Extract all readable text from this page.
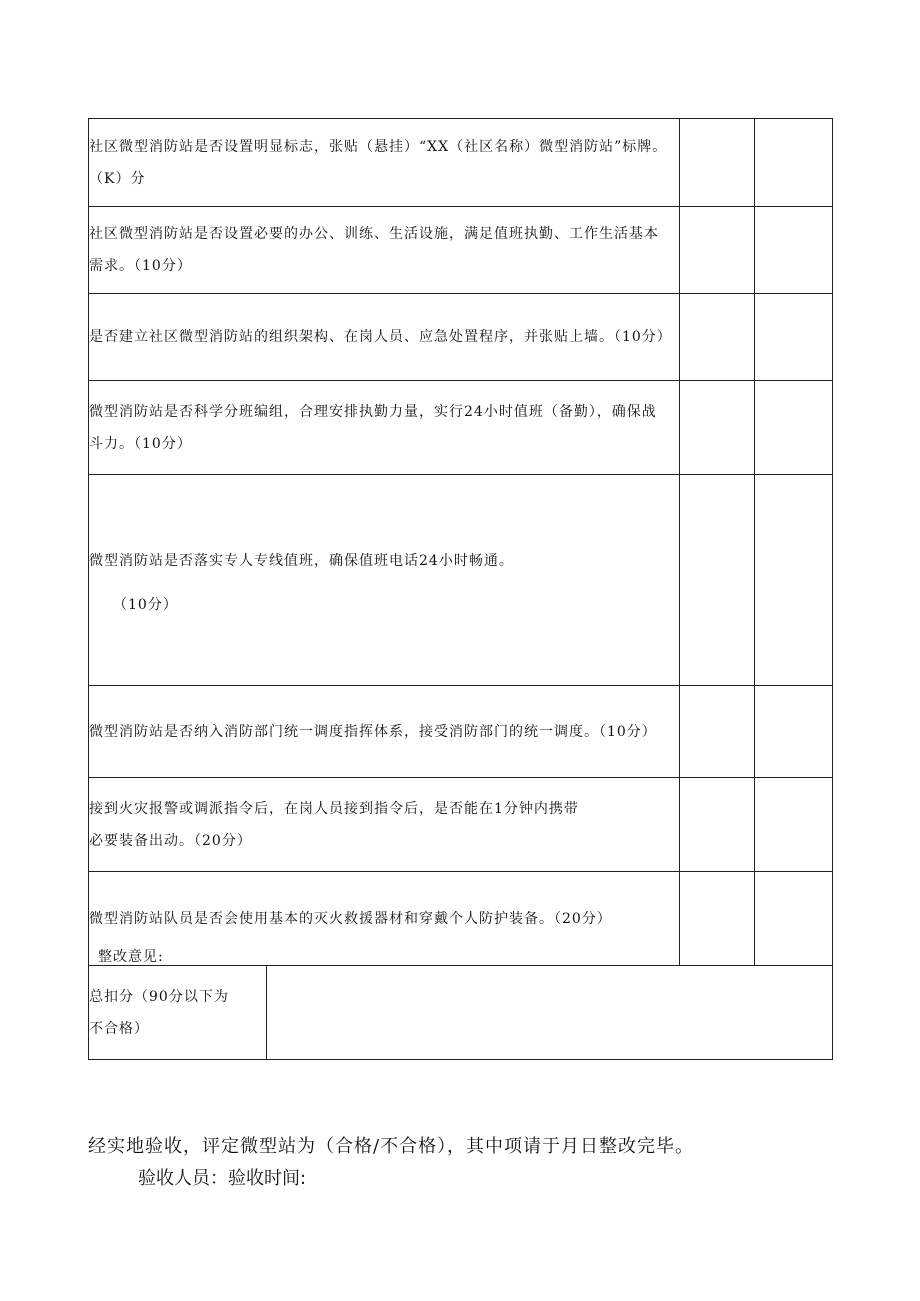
社区微型消防站是否设置明显标志，张贴（悬挂）“XX（社区名称）微型消防站”标牌。
（K）分			
社区微型消防站是否设置必要的办公、训练、生活设施，满足值班执勤、工作生活基本
需求。（10分）			
是否建立社区微型消防站的组织架构、在岗人员、应急处置程序，并张贴上墙。（10分）			
微型消防站是否科学分班编组，合理安排执勤力量，实行24小时值班（备勤），确保战
斗力。（10分）			

微型消防站是否落实专人专线值班，确保值班电话24小时畅通。

（10分）			

微型消防站是否纳入消防部门统一调度指挥体系，接受消防部门的统一调度。（10分）			
接到火灾报警或调派指令后，在岗人员接到指令后，是否能在1分钟内携带
必要装备出动。（20分）			
微型消防站队员是否会使用基本的灭火救援器材和穿戴个人防护装备。（20分）			
总扣分（90分以下为
不合格）			
整改意见:
经实地验收，评定微型站为（合格/不合格），其中项请于月日整改完毕。
验收人员：验收时间:
